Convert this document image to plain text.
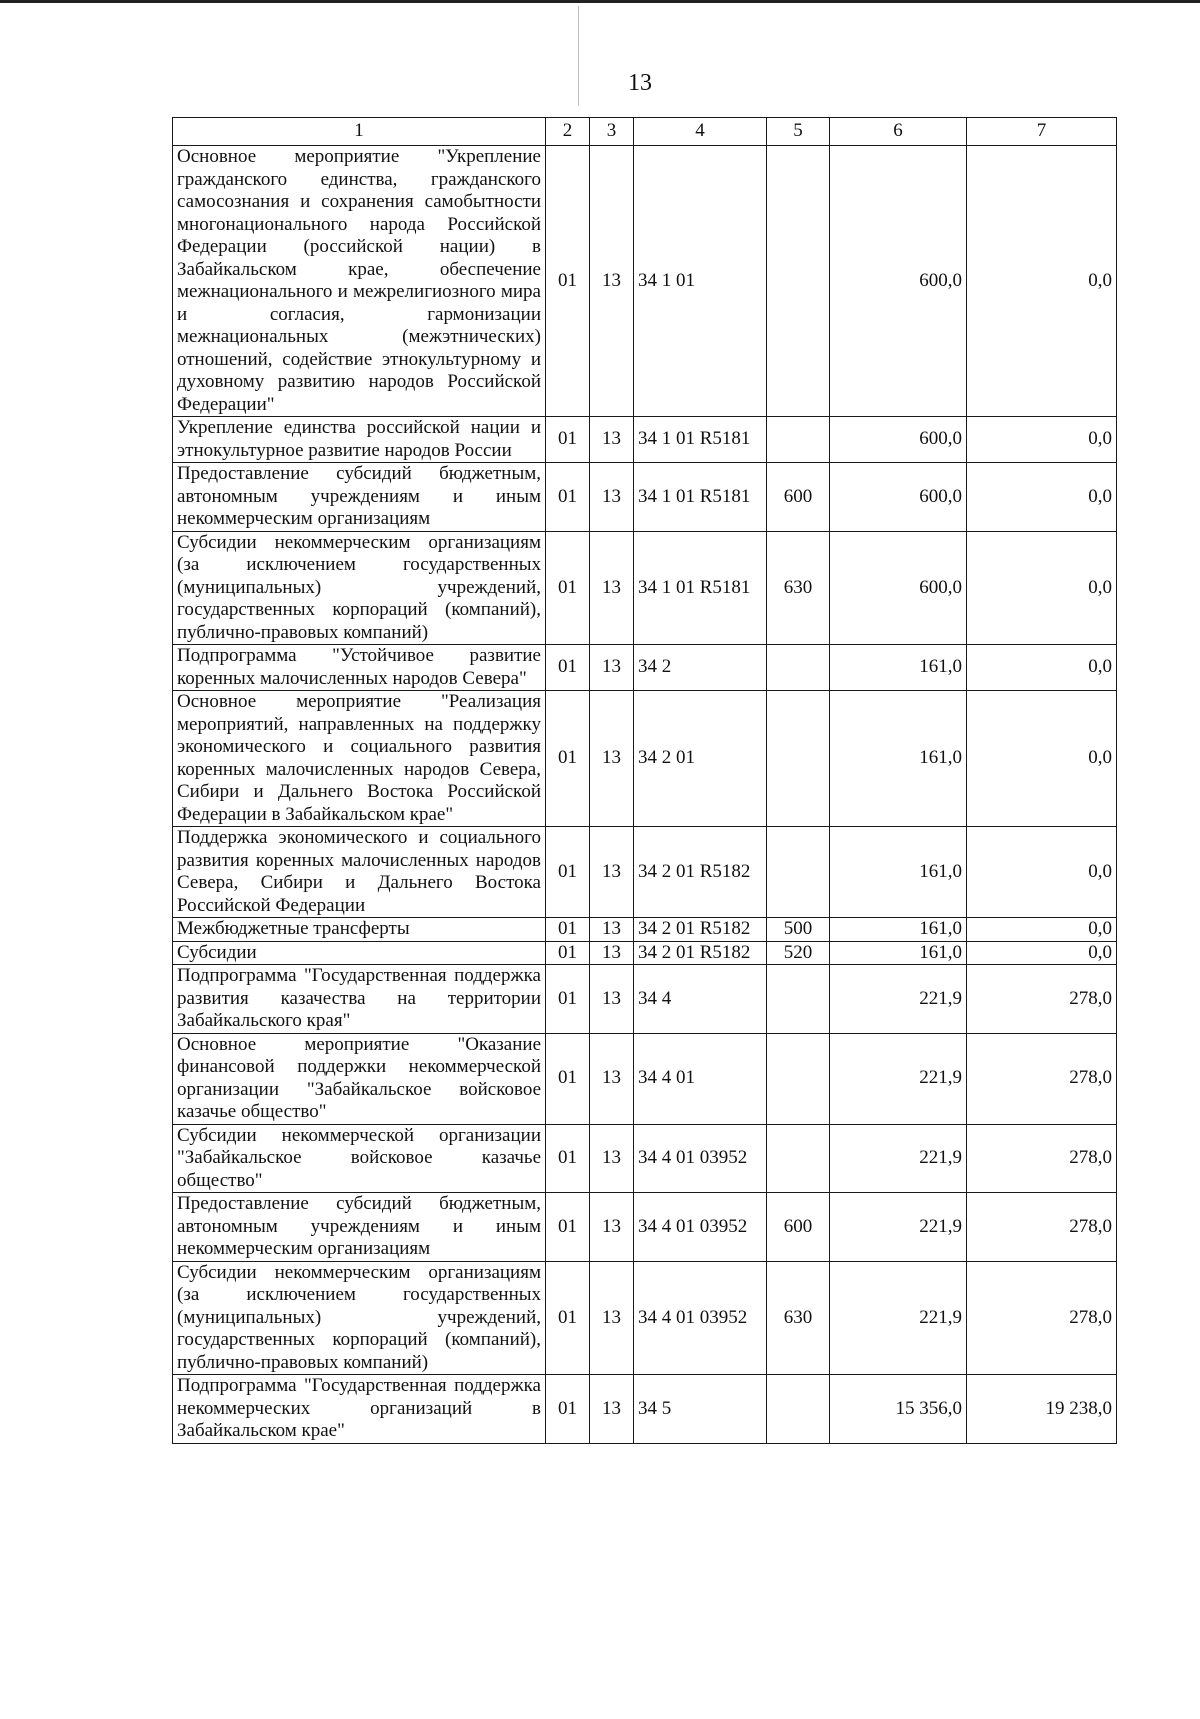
13
1	2	3	4	5	6	7
Основное мероприятие "Укрепление гражданского единства, гражданского самосознания и сохранения самобытности многонационального народа Российской Федерации (российской нации) в Забайкальском крае, обеспечение межнационального и межрелигиозного мира и согласия, гармонизации межнациональных (межэтнических) отношений, содействие этнокультурному и духовному развитию народов Российской Федерации"	01	13	34 1 01		600,0	0,0
Укрепление единства российской нации и этнокультурное развитие народов России	01	13	34 1 01 R5181		600,0	0,0
Предоставление субсидий бюджетным, автономным учреждениям и иным некоммерческим организациям	01	13	34 1 01 R5181	600	600,0	0,0
Субсидии некоммерческим организациям (за исключением государственных (муниципальных) учреждений, государственных корпораций (компаний), публично-правовых компаний)	01	13	34 1 01 R5181	630	600,0	0,0
Подпрограмма "Устойчивое развитие коренных малочисленных народов Севера"	01	13	34 2		161,0	0,0
Основное мероприятие "Реализация мероприятий, направленных на поддержку экономического и социального развития коренных малочисленных народов Севера, Сибири и Дальнего Востока Российской Федерации в Забайкальском крае"	01	13	34 2 01		161,0	0,0
Поддержка экономического и социального развития коренных малочисленных народов Севера, Сибири и Дальнего Востока Российской Федерации	01	13	34 2 01 R5182		161,0	0,0
Межбюджетные трансферты	01	13	34 2 01 R5182	500	161,0	0,0
Субсидии	01	13	34 2 01 R5182	520	161,0	0,0
Подпрограмма "Государственная поддержка развития казачества на территории Забайкальского края"	01	13	34 4		221,9	278,0
Основное мероприятие "Оказание финансовой поддержки некоммерческой организации "Забайкальское войсковое казачье общество"	01	13	34 4 01		221,9	278,0
Субсидии некоммерческой организации "Забайкальское войсковое казачье общество"	01	13	34 4 01 03952		221,9	278,0
Предоставление субсидий бюджетным, автономным учреждениям и иным некоммерческим организациям	01	13	34 4 01 03952	600	221,9	278,0
Субсидии некоммерческим организациям (за исключением государственных (муниципальных) учреждений, государственных корпораций (компаний), публично-правовых компаний)	01	13	34 4 01 03952	630	221,9	278,0
Подпрограмма "Государственная поддержка некоммерческих организаций в Забайкальском крае"	01	13	34 5		15 356,0	19 238,0
